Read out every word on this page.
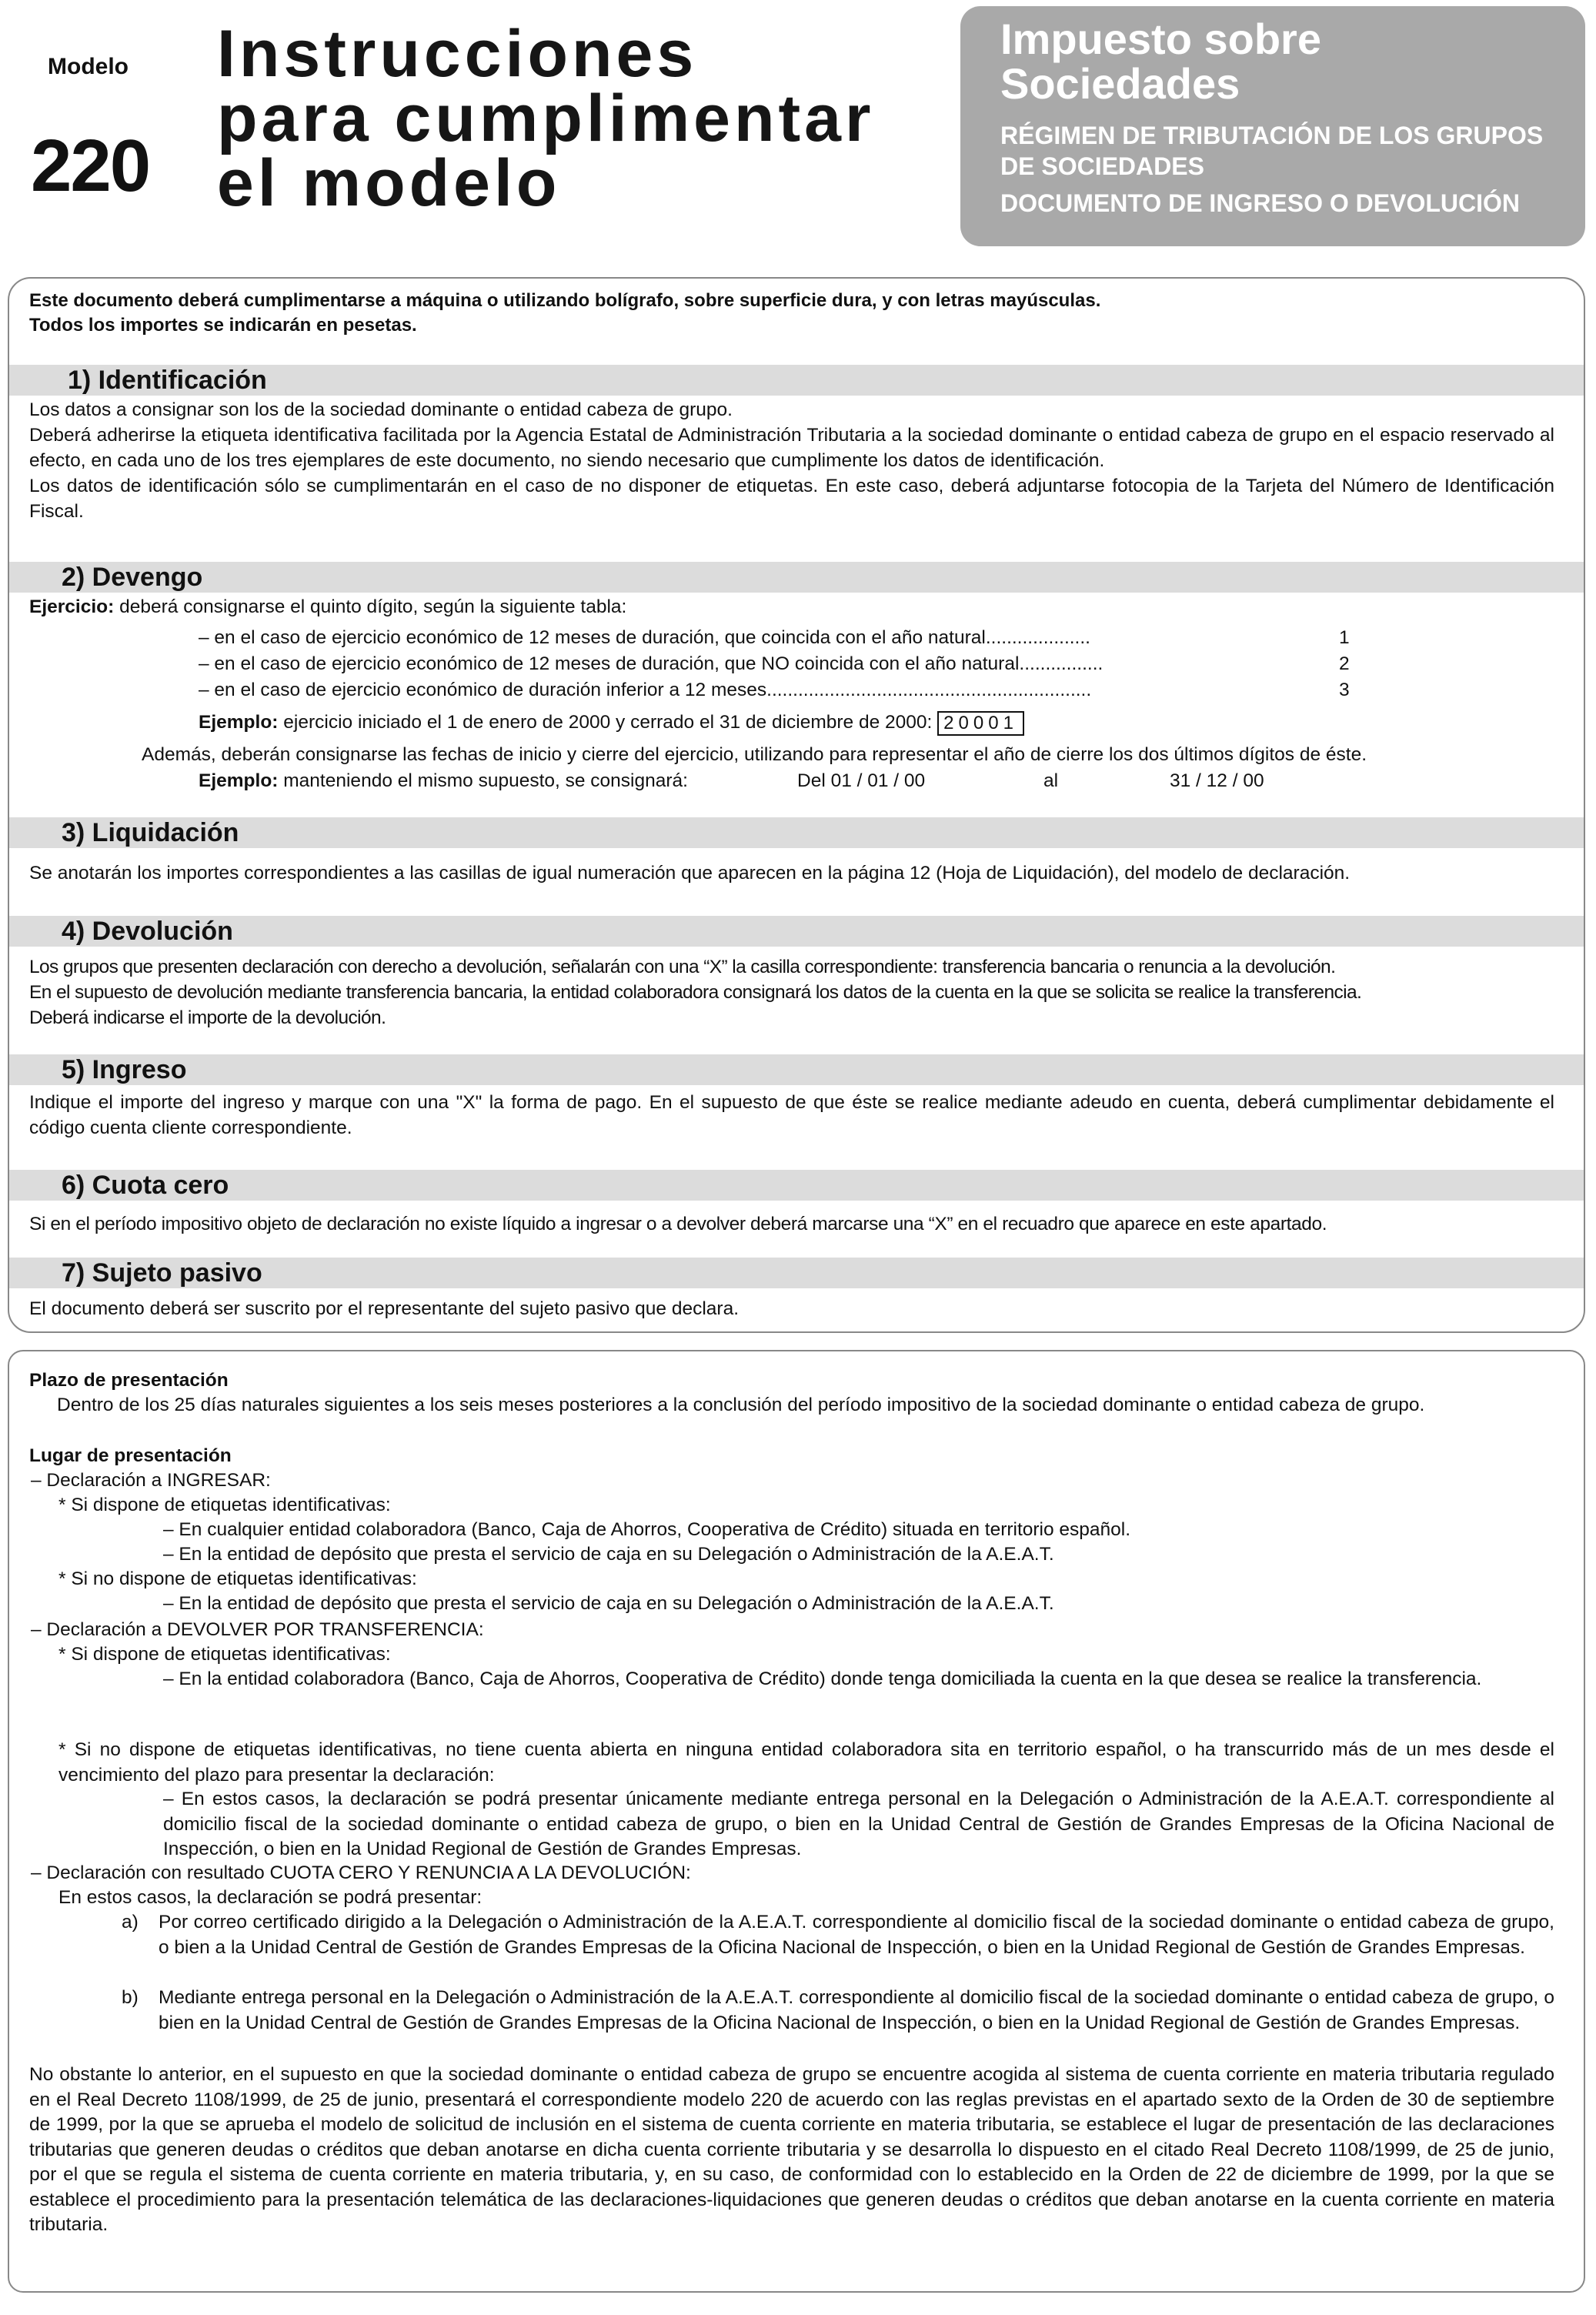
Modelo
220
Instrucciones
para cumplimentar
el modelo
Impuesto sobre
Sociedades
RÉGIMEN DE TRIBUTACIÓN DE LOS GRUPOS
DE SOCIEDADES
DOCUMENTO DE INGRESO O DEVOLUCIÓN
Este documento deberá cumplimentarse a máquina o utilizando bolígrafo, sobre superficie dura, y con letras mayúsculas.
Todos los importes se indicarán en pesetas.
1) Identificación

Los datos a consignar son los de la sociedad dominante o entidad cabeza de grupo.

Deberá adherirse la etiqueta identificativa facilitada por la Agencia Estatal de Administración Tributaria a la sociedad dominante o entidad cabeza de grupo en el espacio reservado al efecto, en cada uno de los tres ejemplares de este documento, no siendo necesario que cumplimente los datos de identificación.

Los datos de identificación sólo se cumplimentarán en el caso de no disponer de etiquetas. En este caso, deberá adjuntarse fotocopia de la Tarjeta del Número de Identificación Fiscal.

2) Devengo
Ejercicio: deberá consignarse el quinto dígito, según la siguiente tabla:
– en el caso de ejercicio económico de 12 meses de duración, que coincida con el año natural....................	1
– en el caso de ejercicio económico de 12 meses de duración, que NO coincida con el año natural................	2
– en el caso de ejercicio económico de duración inferior a 12 meses..............................................................	3
Ejemplo: ejercicio iniciado el 1 de enero de 2000 y cerrado el 31 de diciembre de 2000: 20001
Además, deberán consignarse las fechas de inicio y cierre del ejercicio, utilizando para representar el año de cierre los dos últimos dígitos de éste.
Ejemplo: manteniendo el mismo supuesto, se consignará:	Del 01 / 01 / 00	al	31 / 12 / 00
3) Liquidación
Se anotarán los importes correspondientes a las casillas de igual numeración que aparecen en la página 12 (Hoja de Liquidación), del modelo de declaración.
4) Devolución

Los grupos que presenten declaración con derecho a devolución, señalarán con una “X” la casilla correspondiente: transferencia bancaria o renuncia a la devolución.

En el supuesto de devolución mediante transferencia bancaria, la entidad colaboradora consignará los datos de la cuenta en la que se solicita se realice la transferencia.

Deberá indicarse el importe de la devolución.

5) Ingreso
Indique el importe del ingreso y marque con una "X" la forma de pago. En el supuesto de que éste se realice mediante adeudo en cuenta, deberá cumplimentar debidamente el código cuenta cliente correspondiente.
6) Cuota cero
Si en el período impositivo objeto de declaración no existe líquido a ingresar o a devolver deberá marcarse una “X” en el recuadro que aparece en este apartado.
7) Sujeto pasivo
El documento deberá ser suscrito por el representante del sujeto pasivo que declara.
Plazo de presentación
Dentro de los 25 días naturales siguientes a los seis meses posteriores a la conclusión del período impositivo de la sociedad dominante o entidad cabeza de grupo.
Lugar de presentación
– Declaración a INGRESAR:
* Si dispone de etiquetas identificativas:
– En cualquier entidad colaboradora (Banco, Caja de Ahorros, Cooperativa de Crédito) situada en territorio español.
– En la entidad de depósito que presta el servicio de caja en su Delegación o Administración de la A.E.A.T.
* Si no dispone de etiquetas identificativas:
– En la entidad de depósito que presta el servicio de caja en su Delegación o Administración de la A.E.A.T.
– Declaración a DEVOLVER POR TRANSFERENCIA:
* Si dispone de etiquetas identificativas:
– En la entidad colaboradora (Banco, Caja de Ahorros, Cooperativa de Crédito) donde tenga domiciliada la cuenta en la que desea se realice la transferencia.
* Si no dispone de etiquetas identificativas, no tiene cuenta abierta en ninguna entidad colaboradora sita en territorio español, o ha transcurrido más de un mes desde el vencimiento del plazo para presentar la declaración:
– En estos casos, la declaración se podrá presentar únicamente mediante entrega personal en la Delegación o Administración de la A.E.A.T. correspondiente al domicilio fiscal de la sociedad dominante o entidad cabeza de grupo, o bien en la Unidad Central de Gestión de Grandes Empresas de la Oficina Nacional de Inspección, o bien en la Unidad Regional de Gestión de Grandes Empresas.
– Declaración con resultado CUOTA CERO Y RENUNCIA A LA DEVOLUCIÓN:
En estos casos, la declaración se podrá presentar:
a) Por correo certificado dirigido a la Delegación o Administración de la A.E.A.T. correspondiente al domicilio fiscal de la sociedad dominante o entidad cabeza de grupo, o bien a la Unidad Central de Gestión de Grandes Empresas de la Oficina Nacional de Inspección, o bien en la Unidad Regional de Gestión de Grandes Empresas.
b) Mediante entrega personal en la Delegación o Administración de la A.E.A.T. correspondiente al domicilio fiscal de la sociedad dominante o entidad cabeza de grupo, o bien en la Unidad Central de Gestión de Grandes Empresas de la Oficina Nacional de Inspección, o bien en la Unidad Regional de Gestión de Grandes Empresas.
No obstante lo anterior, en el supuesto en que la sociedad dominante o entidad cabeza de grupo se encuentre acogida al sistema de cuenta corriente en materia tributaria regulado en el Real Decreto 1108/1999, de 25 de junio, presentará el correspondiente modelo 220 de acuerdo con las reglas previstas en el apartado sexto de la Orden de 30 de septiembre de 1999, por la que se aprueba el modelo de solicitud de inclusión en el sistema de cuenta corriente en materia tributaria, se establece el lugar de presentación de las declaraciones tributarias que generen deudas o créditos que deban anotarse en dicha cuenta corriente tributaria y se desarrolla lo dispuesto en el citado Real Decreto 1108/1999, de 25 de junio, por el que se regula el sistema de cuenta corriente en materia tributaria, y, en su caso, de conformidad con lo establecido en la Orden de 22 de diciembre de 1999, por la que se establece el procedimiento para la presentación telemática de las declaraciones-liquidaciones que generen deudas o créditos que deban anotarse en la cuenta corriente en materia tributaria.
